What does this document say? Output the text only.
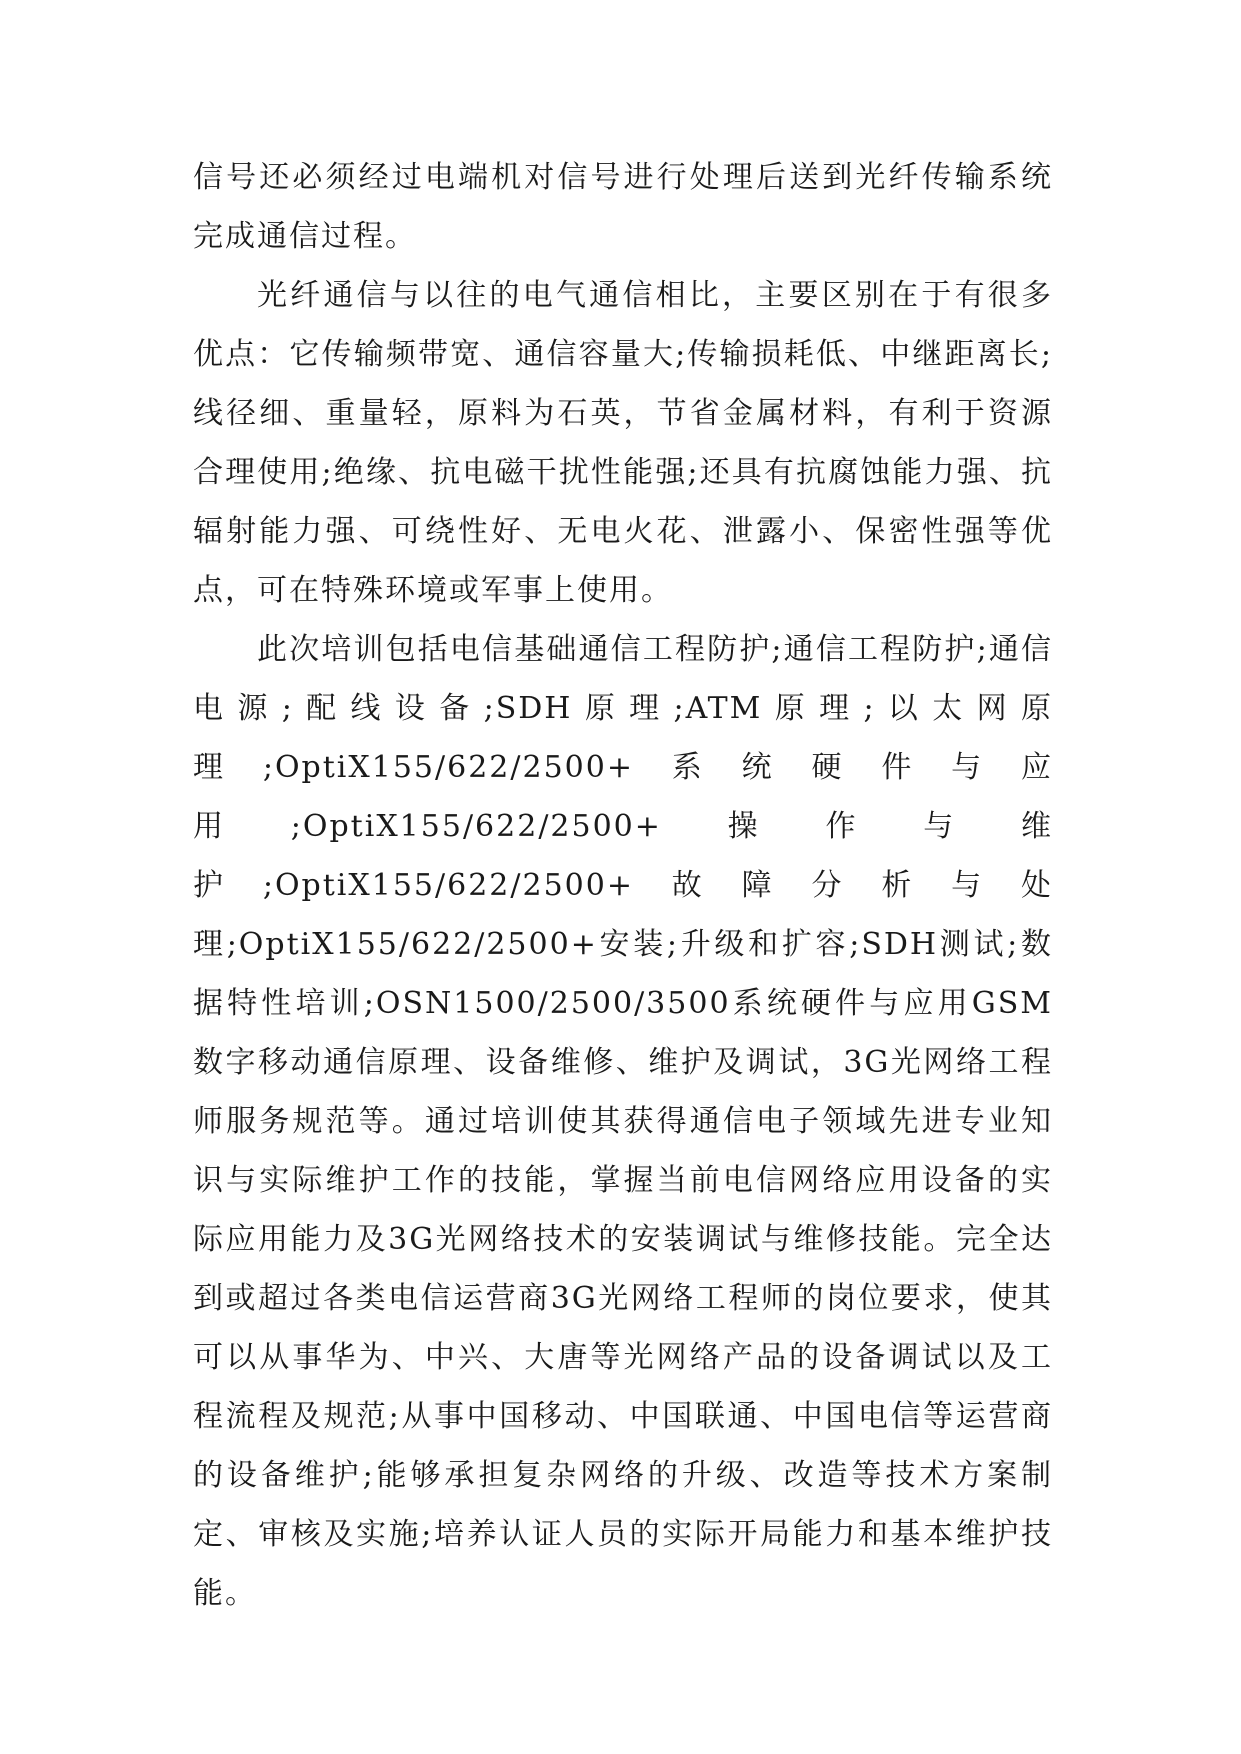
信号还必须经过电端机对信号进行处理后送到光纤传输系统完成通信过程。

光纤通信与以往的电气通信相比，主要区别在于有很多优点：它传输频带宽、通信容量大;传输损耗低、中继距离长;线径细、重量轻，原料为石英，节省金属材料，有利于资源合理使用;绝缘、抗电磁干扰性能强;还具有抗腐蚀能力强、抗辐射能力强、可绕性好、无电火花、泄露小、保密性强等优点，可在特殊环境或军事上使用。

此次培训包括电信基础通信工程防护;通信工程防护;通信电源;配线设备;SDH原理;ATM原理;以太网原理;OptiX155/622/2500+系统硬件与应用;OptiX155/622/2500+操作与维护;OptiX155/622/2500+故障分析与处理;OptiX155/622/2500+安装;升级和扩容;SDH测试;数据特性培训;OSN1500/2500/3500系统硬件与应用GSM数字移动通信原理、设备维修、维护及调试，3G光网络工程师服务规范等。通过培训使其获得通信电子领域先进专业知识与实际维护工作的技能，掌握当前电信网络应用设备的实际应用能力及3G光网络技术的安装调试与维修技能。完全达到或超过各类电信运营商3G光网络工程师的岗位要求，使其可以从事华为、中兴、大唐等光网络产品的设备调试以及工程流程及规范;从事中国移动、中国联通、中国电信等运营商的设备维护;能够承担复杂网络的升级、改造等技术方案制定、审核及实施;培养认证人员的实际开局能力和基本维护技能。
